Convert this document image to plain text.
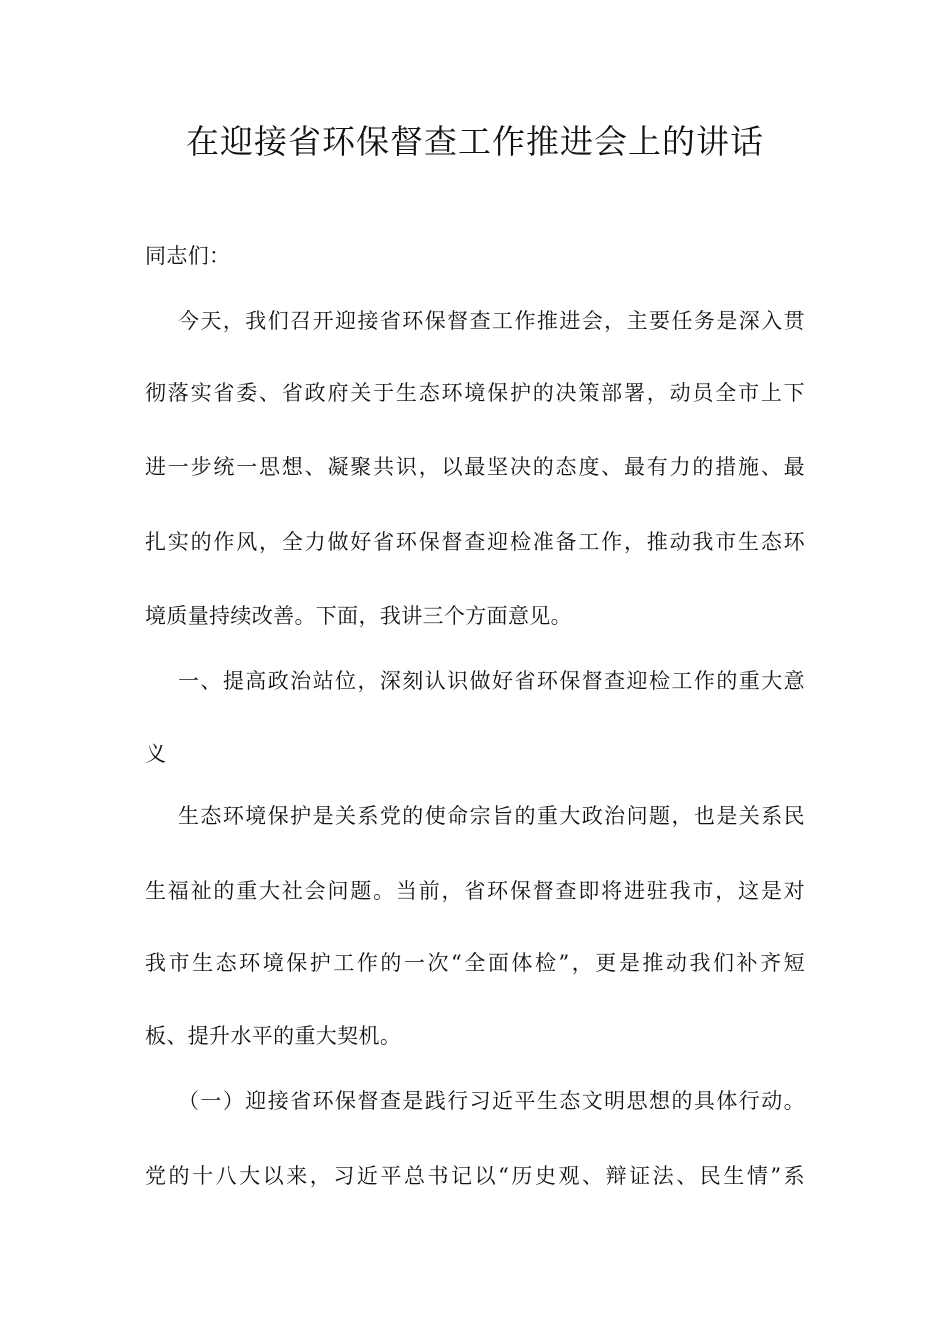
在迎接省环保督查工作推进会上的讲话
同志们：
今天，我们召开迎接省环保督查工作推进会，主要任务是深入贯
彻落实省委、省政府关于生态环境保护的决策部署，动员全市上下
进一步统一思想、凝聚共识，以最坚决的态度、最有力的措施、最
扎实的作风，全力做好省环保督查迎检准备工作，推动我市生态环
境质量持续改善。下面，我讲三个方面意见。
一、提高政治站位，深刻认识做好省环保督查迎检工作的重大意
义
生态环境保护是关系党的使命宗旨的重大政治问题，也是关系民
生福祉的重大社会问题。当前，省环保督查即将进驻我市，这是对
我市生态环境保护工作的一次“全面体检”，更是推动我们补齐短
板、提升水平的重大契机。
（一）迎接省环保督查是践行习近平生态文明思想的具体行动。
党的十八大以来，习近平总书记以“历史观、辩证法、民生情”系
